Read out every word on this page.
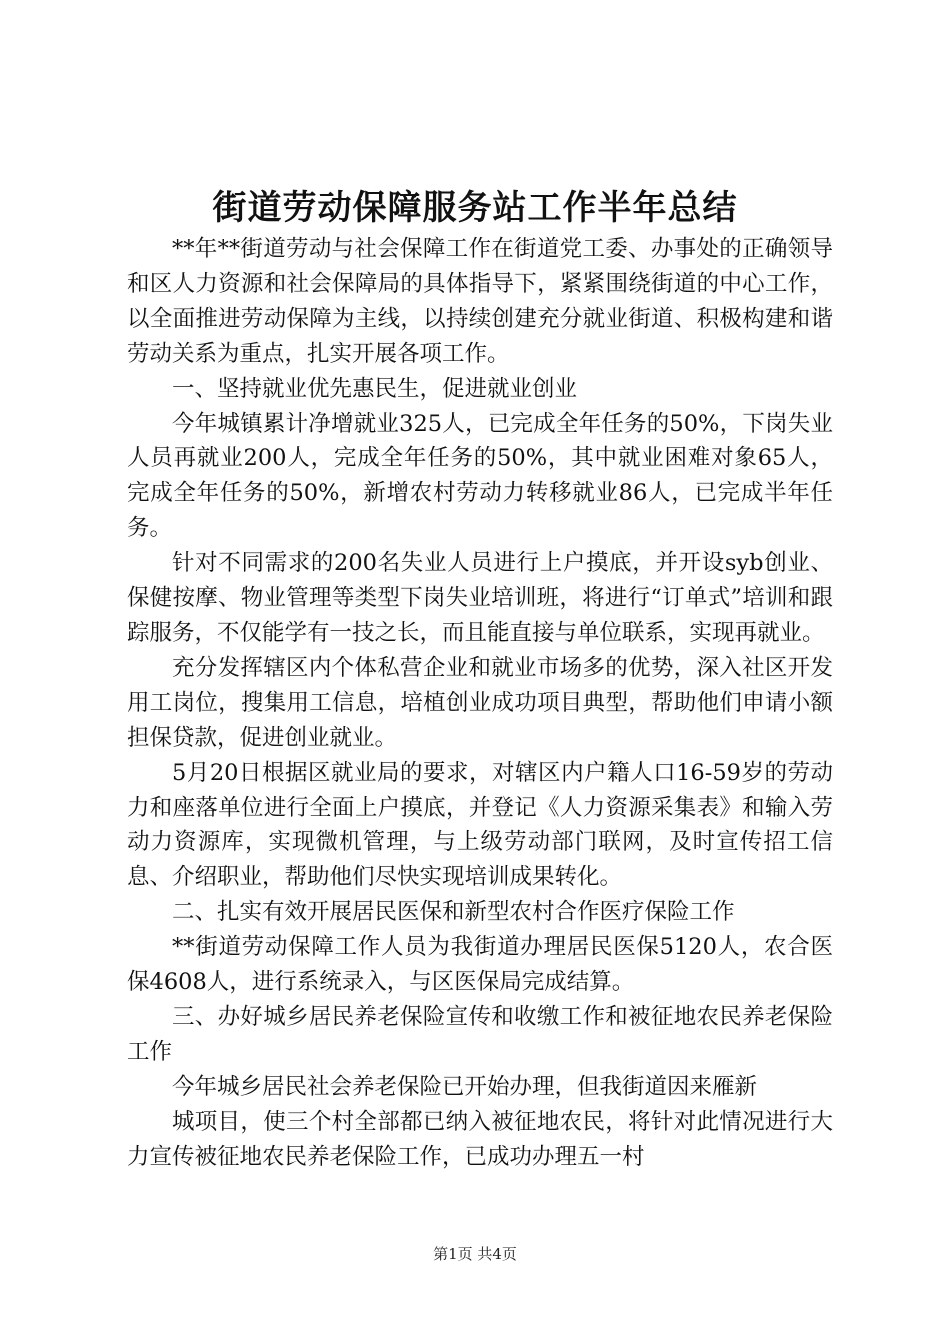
街道劳动保障服务站工作半年总结

**年**街道劳动与社会保障工作在街道党工委、办事处的正确领导和区人力资源和社会保障局的具体指导下，紧紧围绕街道的中心工作，以全面推进劳动保障为主线，以持续创建充分就业街道、积极构建和谐劳动关系为重点，扎实开展各项工作。

一、坚持就业优先惠民生，促进就业创业

今年城镇累计净增就业325人，已完成全年任务的50%，下岗失业人员再就业200人，完成全年任务的50%，其中就业困难对象65人，完成全年任务的50%，新增农村劳动力转移就业86人，已完成半年任务。

针对不同需求的200名失业人员进行上户摸底，并开设syb创业、保健按摩、物业管理等类型下岗失业培训班，将进行“订单式”培训和跟踪服务，不仅能学有一技之长，而且能直接与单位联系，实现再就业。

充分发挥辖区内个体私营企业和就业市场多的优势，深入社区开发用工岗位，搜集用工信息，培植创业成功项目典型，帮助他们申请小额担保贷款，促进创业就业。

5月20日根据区就业局的要求，对辖区内户籍人口16-59岁的劳动力和座落单位进行全面上户摸底，并登记《人力资源采集表》和输入劳动力资源库，实现微机管理，与上级劳动部门联网，及时宣传招工信息、介绍职业，帮助他们尽快实现培训成果转化。

二、扎实有效开展居民医保和新型农村合作医疗保险工作

**街道劳动保障工作人员为我街道办理居民医保5120人，农合医保4608人，进行系统录入，与区医保局完成结算。

三、办好城乡居民养老保险宣传和收缴工作和被征地农民养老保险工作

今年城乡居民社会养老保险已开始办理，但我街道因来雁新

城项目，使三个村全部都已纳入被征地农民，将针对此情况进行大力宣传被征地农民养老保险工作，已成功办理五一村

第1页 共4页
